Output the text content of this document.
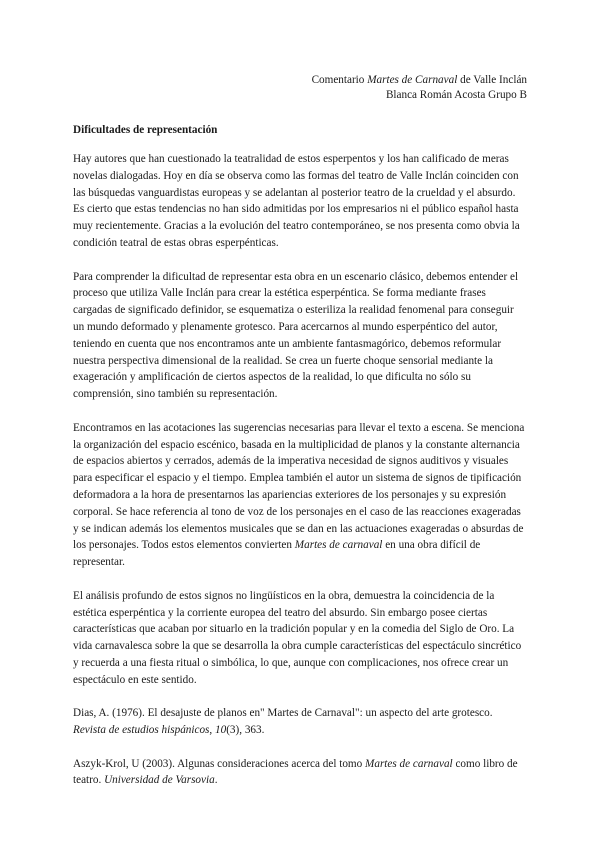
Comentario Martes de Carnaval de Valle Inclán
Blanca Román Acosta Grupo B
Dificultades de representación

Hay autores que han cuestionado la teatralidad de estos esperpentos y los han calificado de meras novelas dialogadas. Hoy en día se observa como las formas del teatro de Valle Inclán coinciden con las búsquedas vanguardistas europeas y se adelantan al posterior teatro de la crueldad y el absurdo. Es cierto que estas tendencias no han sido admitidas por los empresarios ni el público español hasta muy recientemente. Gracias a la evolución del teatro contemporáneo, se nos presenta como obvia la condición teatral de estas obras esperpénticas.

Para comprender la dificultad de representar esta obra en un escenario clásico, debemos entender el proceso que utiliza Valle Inclán para crear la estética esperpéntica. Se forma mediante frases cargadas de significado definidor, se esquematiza o esteriliza la realidad fenomenal para conseguir un mundo deformado y plenamente grotesco. Para acercarnos al mundo esperpéntico del autor, teniendo en cuenta que nos encontramos ante un ambiente fantasmagórico, debemos reformular nuestra perspectiva dimensional de la realidad. Se crea un fuerte choque sensorial mediante la exageración y amplificación de ciertos aspectos de la realidad, lo que dificulta no sólo su comprensión, sino también su representación.

Encontramos en las acotaciones las sugerencias necesarias para llevar el texto a escena. Se menciona la organización del espacio escénico, basada en la multiplicidad de planos y la constante alternancia de espacios abiertos y cerrados, además de la imperativa necesidad de signos auditivos y visuales para especificar el espacio y el tiempo. Emplea también el autor un sistema de signos de tipificación deformadora a la hora de presentarnos las apariencias exteriores de los personajes y su expresión corporal. Se hace referencia al tono de voz de los personajes en el caso de las reacciones exageradas y se indican además los elementos musicales que se dan en las actuaciones exageradas o absurdas de los personajes. Todos estos elementos convierten Martes de carnaval en una obra difícil de representar.

El análisis profundo de estos signos no lingüísticos en la obra, demuestra la coincidencia de la estética esperpéntica y la corriente europea del teatro del absurdo. Sin embargo posee ciertas características que acaban por situarlo en la tradición popular y en la comedia del Siglo de Oro. La vida carnavalesca sobre la que se desarrolla la obra cumple características del espectáculo sincrético y recuerda a una fiesta ritual o simbólica, lo que, aunque con complicaciones, nos ofrece crear un espectáculo en este sentido.

Dias, A. (1976). El desajuste de planos en" Martes de Carnaval": un aspecto del arte grotesco. Revista de estudios hispánicos, 10(3), 363.

Aszyk-Krol, U (2003). Algunas consideraciones acerca del tomo Martes de carnaval como libro de teatro. Universidad de Varsovia.
